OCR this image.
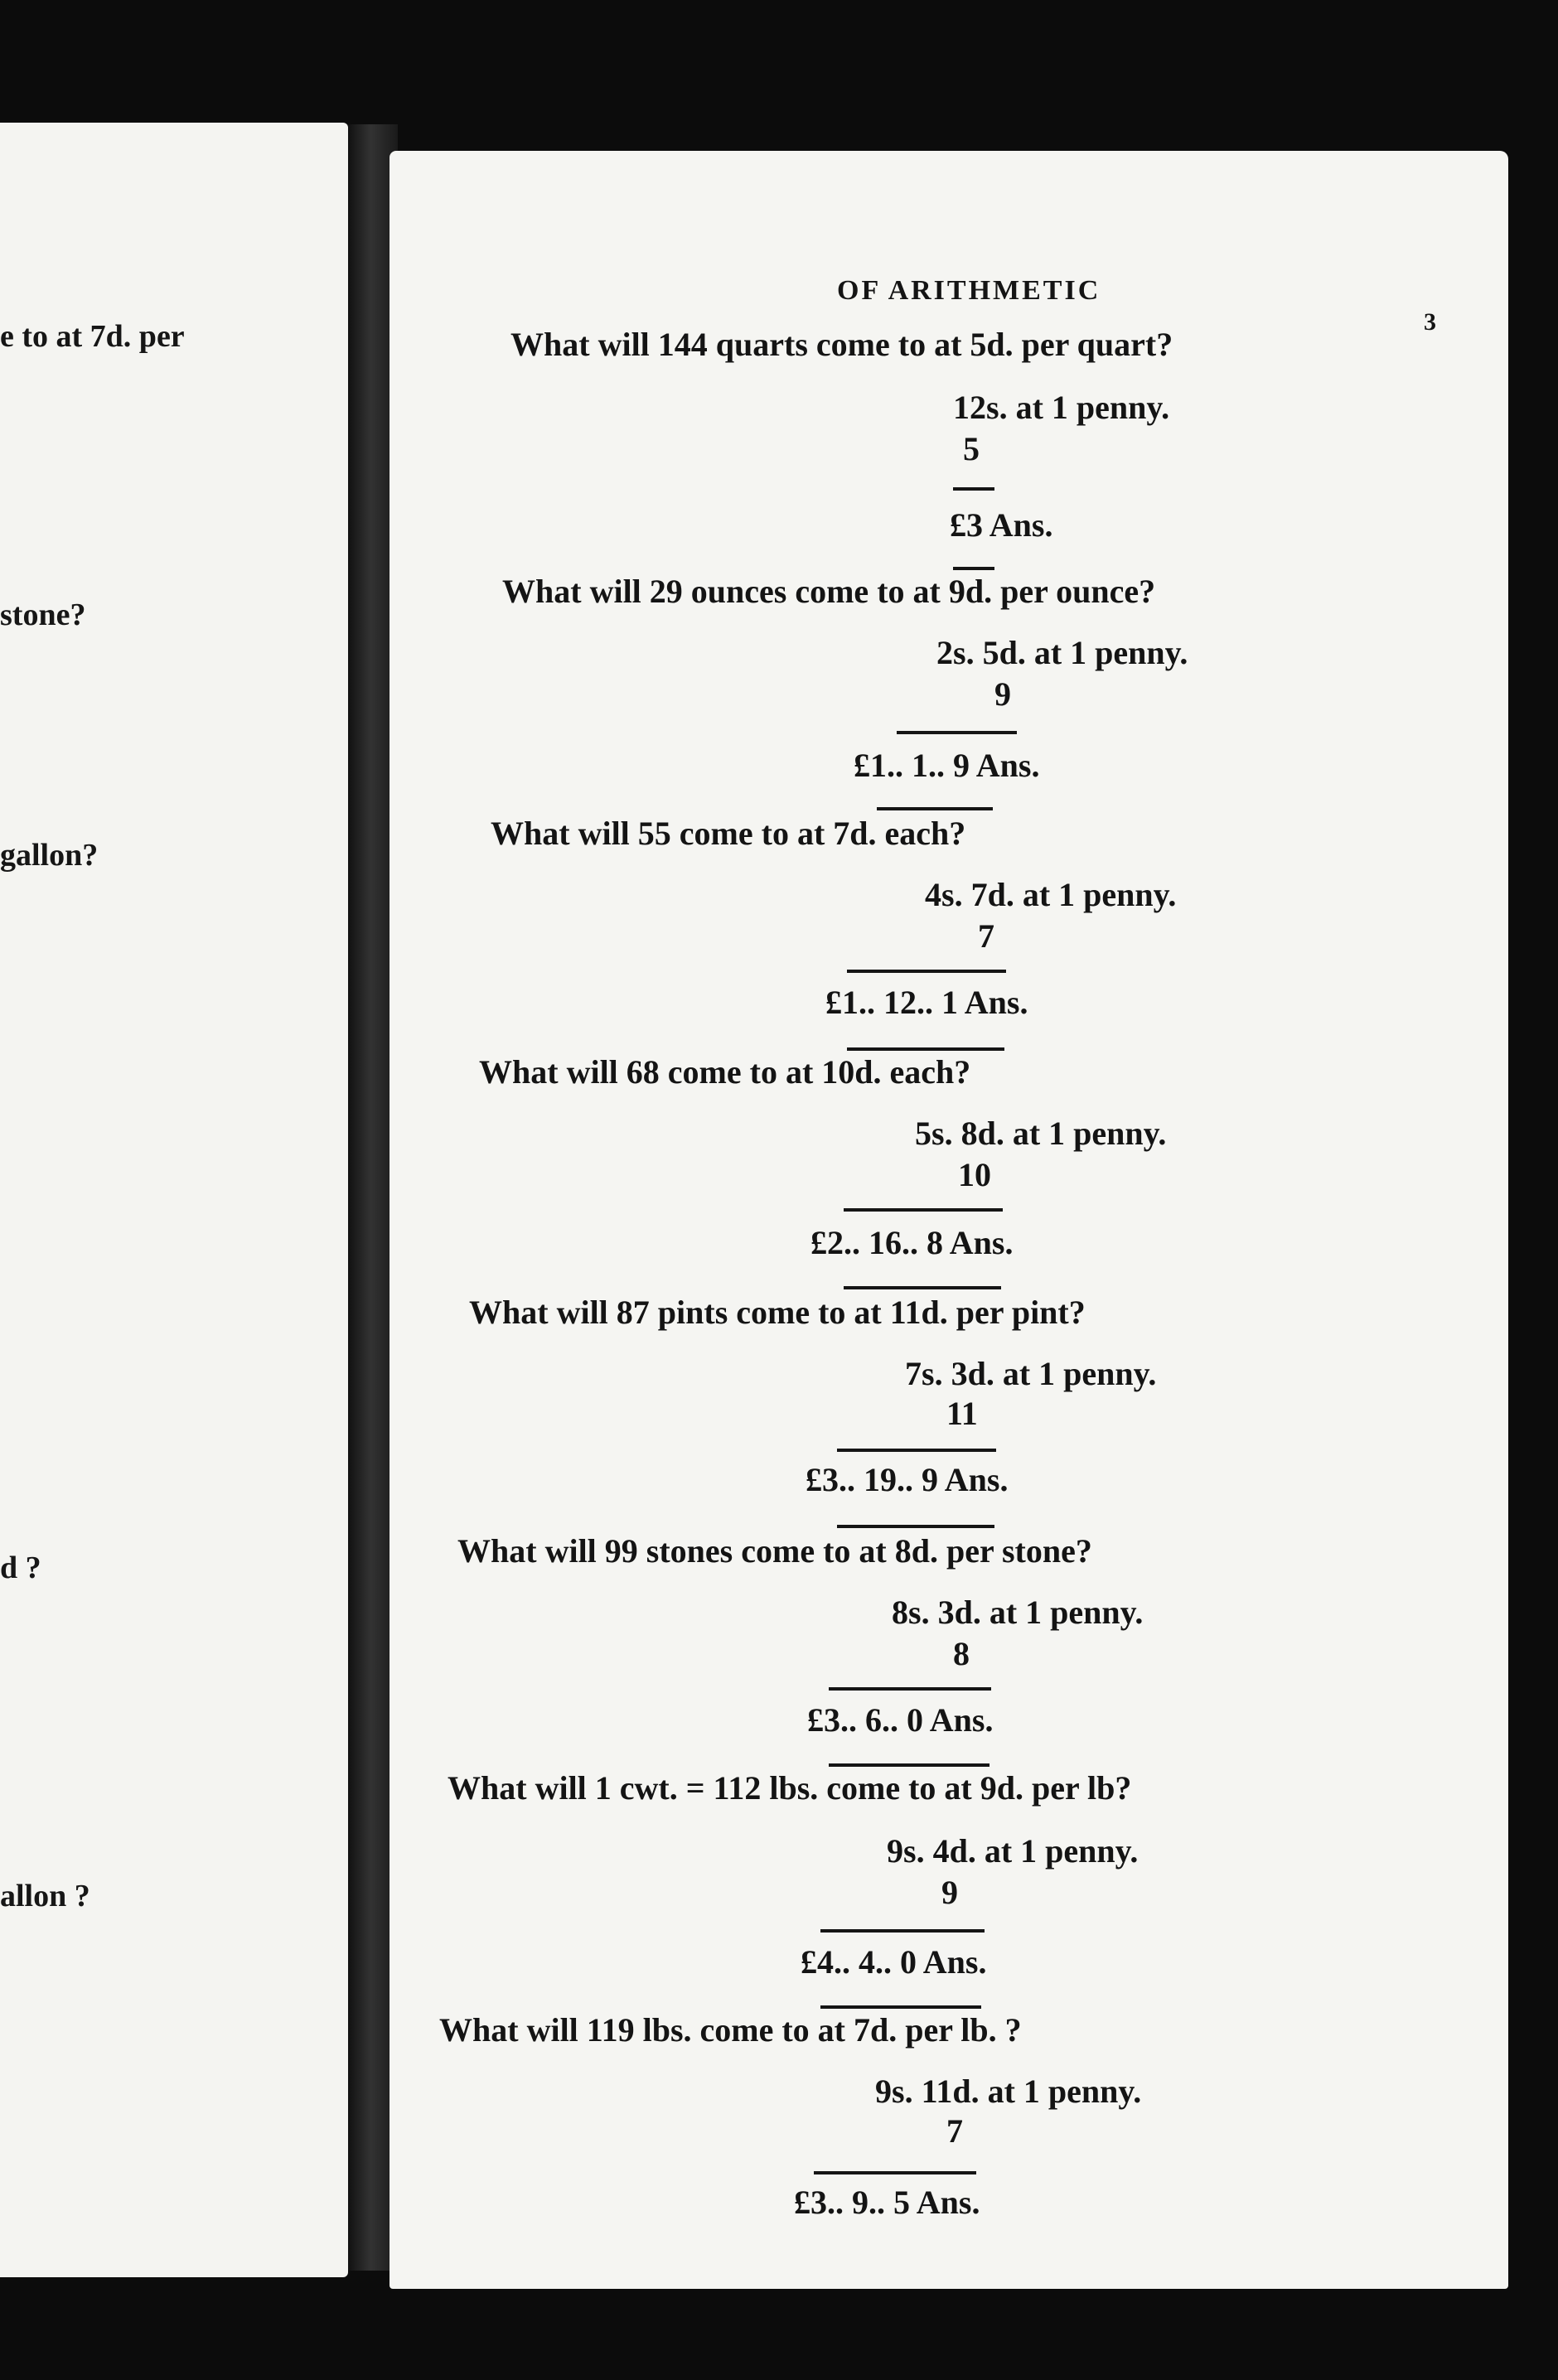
e to at 7d. per
stone?
gallon?
d ?
allon ?
OF ARITHMETIC
3
What will 144 quarts come to at 5d. per quart?
12s. at 1 penny.
5
£3 Ans.
What will 29 ounces come to at 9d. per ounce?
2s. 5d. at 1 penny.
9
£1.. 1.. 9 Ans.
What will 55 come to at 7d. each?
4s. 7d. at 1 penny.
7
£1.. 12.. 1 Ans.
What will 68 come to at 10d. each?
5s. 8d. at 1 penny.
10
£2.. 16.. 8 Ans.
What will 87 pints come to at 11d. per pint?
7s. 3d. at 1 penny.
11
£3.. 19.. 9 Ans.
What will 99 stones come to at 8d. per stone?
8s. 3d. at 1 penny.
8
£3.. 6.. 0 Ans.
What will 1 cwt. = 112 lbs. come to at 9d. per lb?
9s. 4d. at 1 penny.
9
£4.. 4.. 0 Ans.
What will 119 lbs. come to at 7d. per lb. ?
9s. 11d. at 1 penny.
7
£3.. 9.. 5 Ans.
